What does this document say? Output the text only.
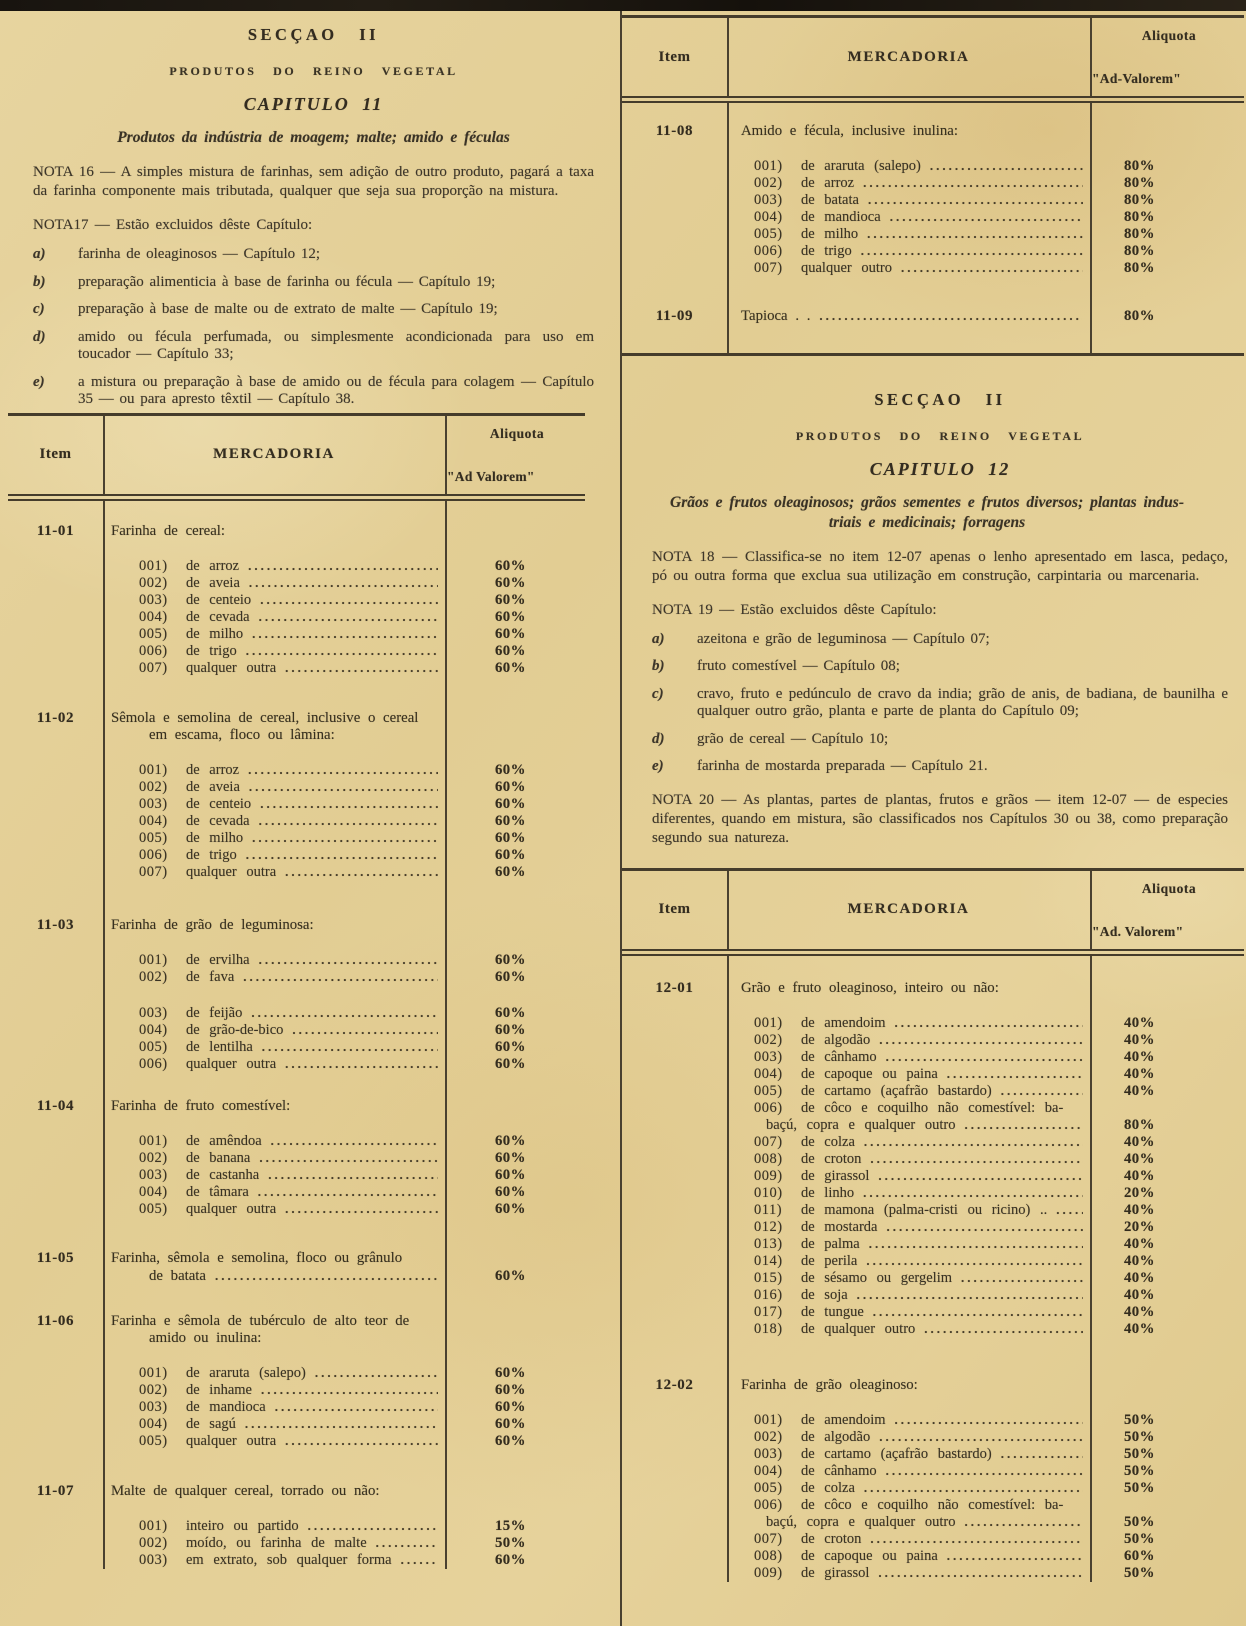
SECÇAO II
PRODUTOS DO REINO VEGETAL
CAPITULO 11
Produtos da indústria de moagem; malte; amido e féculas
NOTA 16 — A simples mistura de farinhas, sem adição de outro produto, pagará a taxa da farinha componente mais tributada, qualquer que seja sua proporção na mistura.
NOTA17 — Estão excluidos dêste Capítulo:
a)	farinha de oleaginosos — Capítulo 12;
b)	preparação alimenticia à base de farinha ou fécula — Capítulo 19;
c)	preparação à base de malte ou de extrato de malte — Capítulo 19;
d)	amido ou fécula perfumada, ou simplesmente acondicionada para uso em toucador — Capítulo 33;
e)	a mistura ou preparação à base de amido ou de fécula para colagem — Capítulo 35 — ou para apresto têxtil — Capítulo 38.
Item	MERCADORIA
Aliquota
"Ad Valorem"
11-01	Farinha de cereal:
001)	de arroz .....	60%
002)	de aveia .....	60%
003)	de centeio .....	60%
004)	de cevada .....	60%
005)	de milho .....	60%
006)	de trigo .....	60%
007)	qualquer outra .....	60%
11-02	Sêmola e semolina de cereal, inclusive o cereal
em escama, floco ou lâmina:
001)	de arroz .....	60%
002)	de aveia .....	60%
003)	de centeio .....	60%
004)	de cevada .....	60%
005)	de milho .....	60%
006)	de trigo .....	60%
007)	qualquer outra .....	60%
11-03	Farinha de grão de leguminosa:
001)	de ervilha .....	60%
002)	de fava .....	60%
003)	de feijão .....	60%
004)	de grão-de-bico .....	60%
005)	de lentilha .....	60%
006)	qualquer outra .....	60%
11-04	Farinha de fruto comestível:
001)	de amêndoa .....	60%
002)	de banana .....	60%
003)	de castanha .....	60%
004)	de tâmara .....	60%
005)	qualquer outra .....	60%
11-05	Farinha, sêmola e semolina, floco ou grânulo
de batata .....	60%
11-06	Farinha e sêmola de tubérculo de alto teor de
amido ou inulina:
001)	de araruta (salepo) .....	60%
002)	de inhame .....	60%
003)	de mandioca .....	60%
004)	de sagú .....	60%
005)	qualquer outra .....	60%
11-07	Malte de qualquer cereal, torrado ou não:
001)	inteiro ou partido .....	15%
002)	moído, ou farinha de malte .....	50%
003)	em extrato, sob qualquer forma .....	60%
Item	MERCADORIA
Aliquota
"Ad-Valorem"
11-08	Amido e fécula, inclusive inulina:
001)	de araruta (salepo) .....	80%
002)	de arroz .....	80%
003)	de batata .....	80%
004)	de mandioca .....	80%
005)	de milho .....	80%
006)	de trigo .....	80%
007)	qualquer outro .....	80%
11-09	Tapioca . . .....	80%
SECÇAO II
PRODUTOS DO REINO VEGETAL
CAPITULO 12
Grãos e frutos oleaginosos; grãos sementes e frutos diversos; plantas indus-
triais e medicinais; forragens
NOTA 18 — Classifica-se no item 12-07 apenas o lenho apresentado em lasca, pedaço, pó ou outra forma que exclua sua utilização em construção, carpintaria ou marcenaria.
NOTA 19 — Estão excluidos dêste Capítulo:
a)	azeitona e grão de leguminosa — Capítulo 07;
b)	fruto comestível — Capítulo 08;
c)	cravo, fruto e pedúnculo de cravo da india; grão de anis, de badiana, de baunilha e qualquer outro grão, planta e parte de planta do Capítulo 09;
d)	grão de cereal — Capítulo 10;
e)	farinha de mostarda preparada — Capítulo 21.
NOTA 20 — As plantas, partes de plantas, frutos e grãos — item 12-07 — de especies diferentes, quando em mistura, são classificados nos Capítulos 30 ou 38, como preparação segundo sua natureza.
Item	MERCADORIA
Aliquota
"Ad. Valorem"
12-01	Grão e fruto oleaginoso, inteiro ou não:
001)	de amendoim .....	40%
002)	de algodão .....	40%
003)	de cânhamo .....	40%
004)	de capoque ou paina .....	40%
005)	de cartamo (açafrão bastardo) .....	40%
006)	de côco e coquilho não comestível: ba-
baçú, copra e qualquer outro .....	80%
007)	de colza .....	40%
008)	de croton .....	40%
009)	de girassol .....	40%
010)	de linho .....	20%
011)	de mamona (palma-cristi ou ricino) .. .....	40%
012)	de mostarda .....	20%
013)	de palma .....	40%
014)	de perila .....	40%
015)	de sésamo ou gergelim .....	40%
016)	de soja .....	40%
017)	de tungue .....	40%
018)	de qualquer outro .....	40%
12-02	Farinha de grão oleaginoso:
001)	de amendoim .....	50%
002)	de algodão .....	50%
003)	de cartamo (açafrão bastardo) .....	50%
004)	de cânhamo .....	50%
005)	de colza .....	50%
006)	de côco e coquilho não comestível: ba-
baçú, copra e qualquer outro .....	50%
007)	de croton .....	50%
008)	de capoque ou paina .....	60%
009)	de girassol .....	50%
